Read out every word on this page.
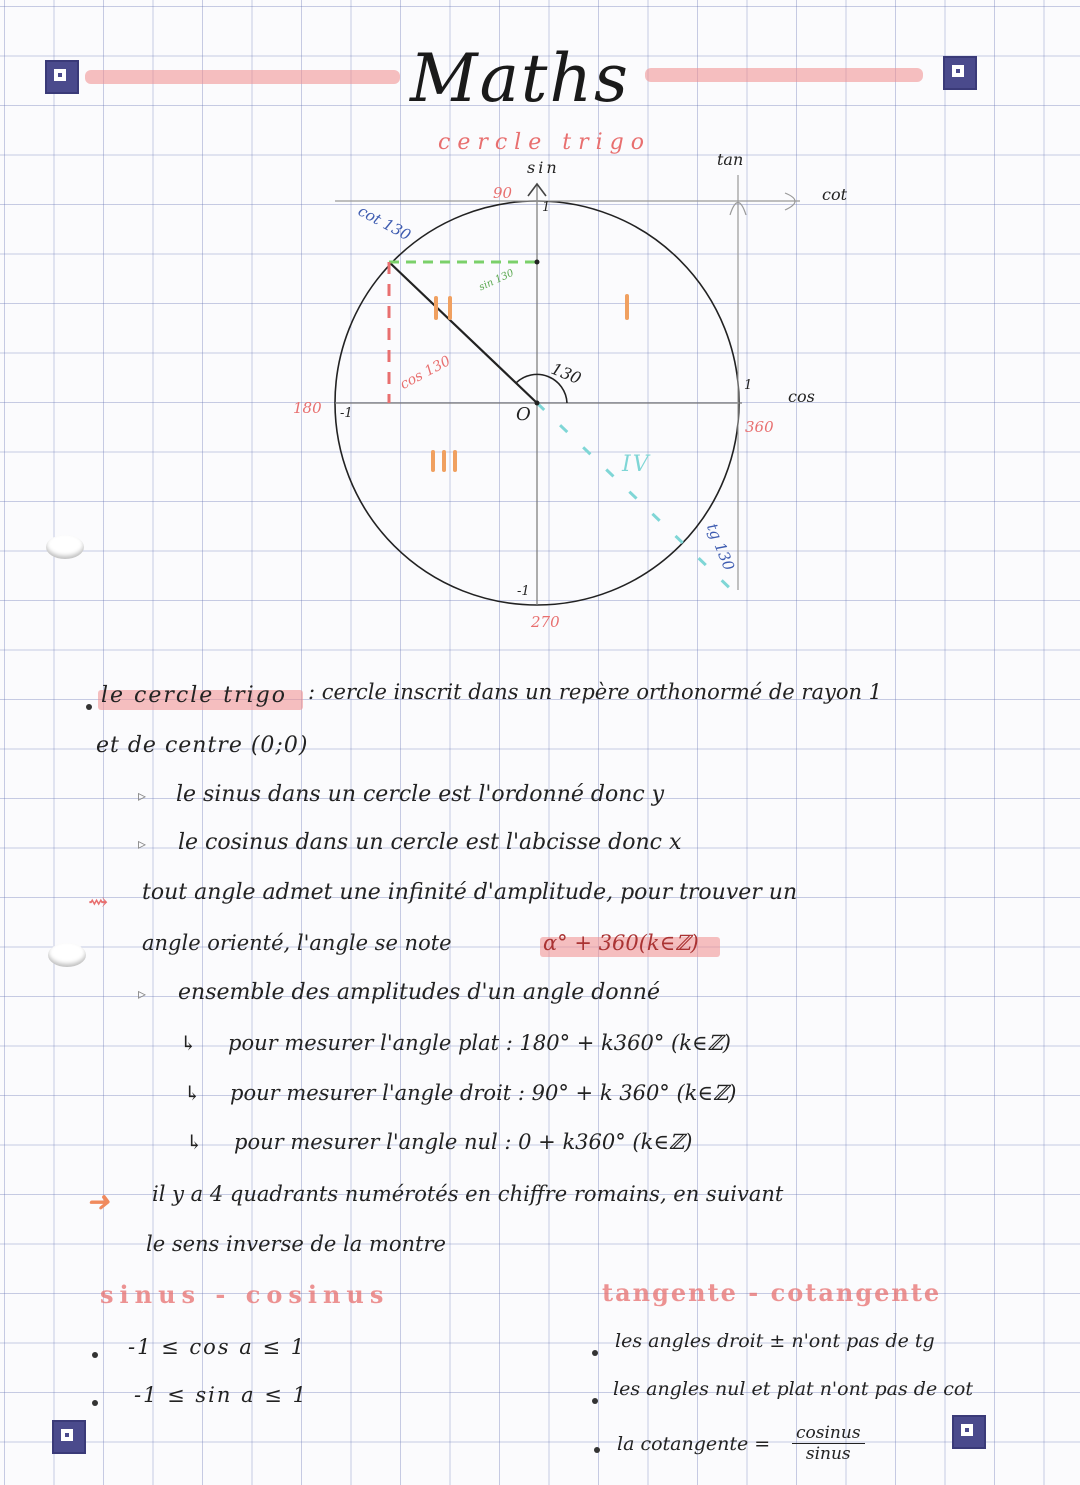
Maths
cercle trigo
sin	tan
cot
cos
1
1
-1
-1
O
90
180
270
360
cot 130
sin 130
cos 130	130
tg 130
IV
le cercle trigo : cercle inscrit dans un repère orthonormé de rayon 1
et de centre (0;0)
▹ le sinus dans un cercle est l'ordonné donc y
▹ le cosinus dans un cercle est l'abcisse donc x
⇝ tout angle admet une infinité d'amplitude, pour trouver un
angle orienté, l'angle se note	α° + 360(k∈ℤ)
▹ ensemble des amplitudes d'un angle donné
↳ pour mesurer l'angle plat : 180° + k360° (k∈ℤ)
↳ pour mesurer l'angle droit : 90° + k 360° (k∈ℤ)
↳ pour mesurer l'angle nul : 0 + k360° (k∈ℤ)
➜ il y a 4 quadrants numérotés en chiffre romains, en suivant
le sens inverse de la montre
sinus - cosinus
-1 ≤ cos a ≤ 1
-1 ≤ sin a ≤ 1
tangente - cotangente
les angles droit ± n'ont pas de tg
les angles nul et plat n'ont pas de cot
la cotangente = cosinus
sinus
